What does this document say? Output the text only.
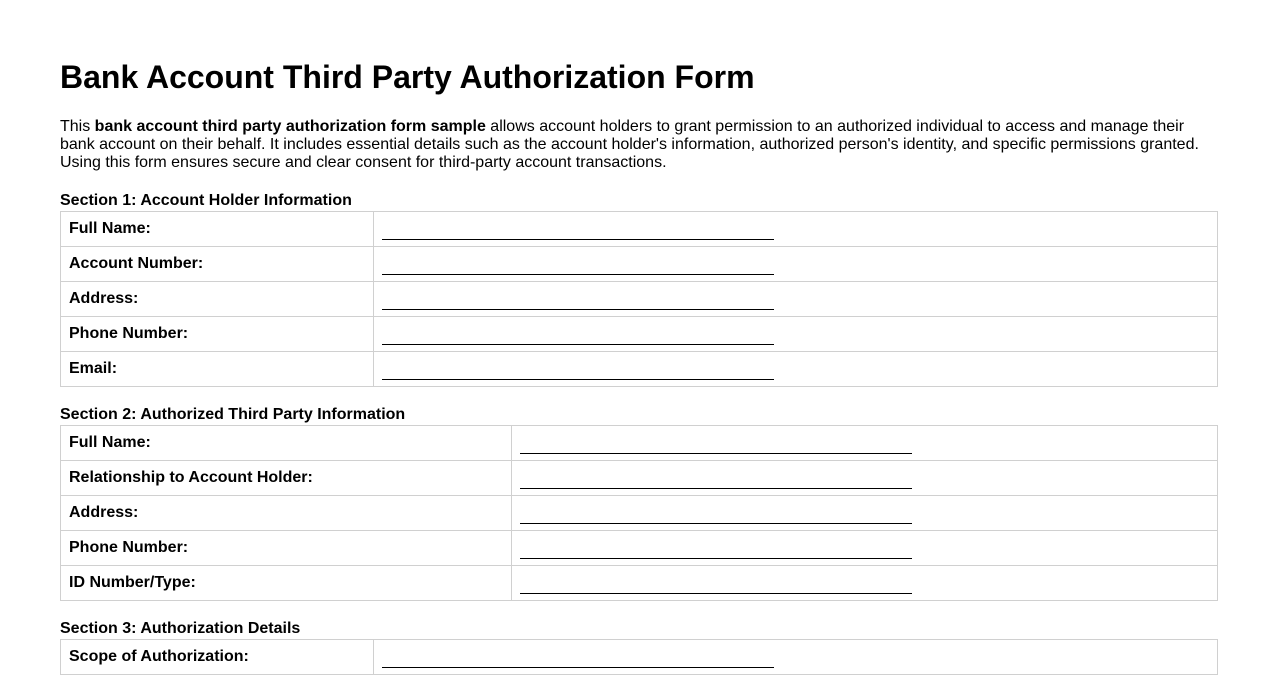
Bank Account Third Party Authorization Form

This bank account third party authorization form sample allows account holders to grant permission to an authorized individual to access and manage their bank account on their behalf. It includes essential details such as the account holder's information, authorized person's identity, and specific permissions granted. Using this form ensures secure and clear consent for third-party account transactions.

Section 1: Account Holder Information
Full Name:	

Account Number:	

Address:	

Phone Number:	

Email:	
Section 2: Authorized Third Party Information
Full Name:	

Relationship to Account Holder:	

Address:	

Phone Number:	

ID Number/Type:	
Section 3: Authorization Details
Scope of Authorization:	
